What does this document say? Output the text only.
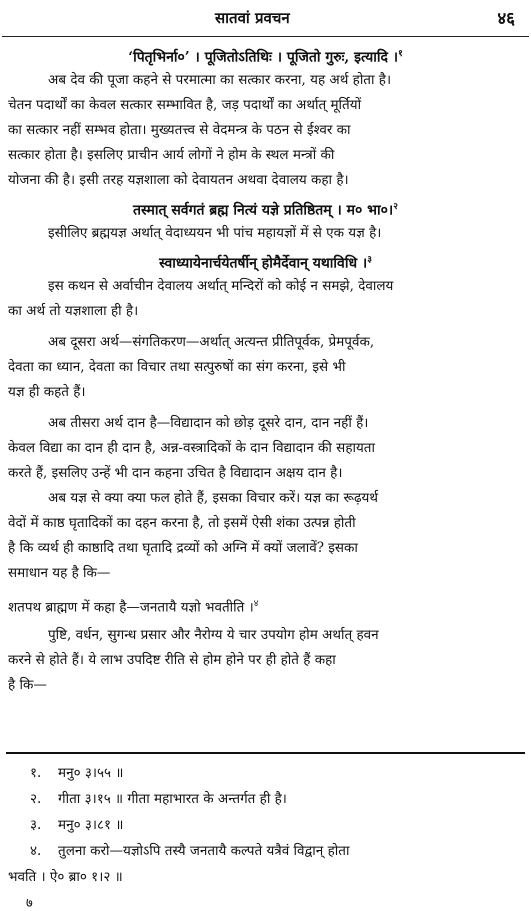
सातवां प्रवचन	४६
‘पितृभिर्ना०’ । पूजितोऽतिथिः । पूजितो गुरुः, इत्यादि ।$^१$
अब देव की पूजा कहने से परमात्मा का सत्कार करना, यह अर्थ होता है।
चेतन पदार्थों का केवल सत्कार सम्भावित है, जड़ पदार्थों का अर्थात् मूर्तियों
का सत्कार नहीं सम्भव होता। मुख्यतत्त्व से वेदमन्त्र के पठन से ईश्वर का
सत्कार होता है। इसलिए प्राचीन आर्य लोगों ने होम के स्थल मन्त्रों की
योजना की है। इसी तरह यज्ञशाला को देवायतन अथवा देवालय कहा है।
तस्मात् सर्वगतं ब्रह्म नित्यं यज्ञे प्रतिष्ठितम् । म० भा०।$^२$
इसीलिए ब्रह्मयज्ञ अर्थात् वेदाध्ययन भी पांच महायज्ञों में से एक यज्ञ है।
स्वाध्यायेनार्चयेतर्षीन् होमैर्देवान् यथाविधि ।$^३$
इस कथन से अर्वाचीन देवालय अर्थात् मन्दिरों को कोई न समझे, देवालय
का अर्थ तो यज्ञशाला ही है।
अब दूसरा अर्थ—संगतिकरण—अर्थात् अत्यन्त प्रीतिपूर्वक, प्रेमपूर्वक,
देवता का ध्यान, देवता का विचार तथा सत्पुरुषों का संग करना, इसे भी
यज्ञ ही कहते हैं।
अब तीसरा अर्थ दान है—विद्यादान को छोड़ दूसरे दान, दान नहीं हैं।
केवल विद्या का दान ही दान है, अन्न-वस्त्रादिकों के दान विद्यादान की सहायता
करते हैं, इसलिए उन्हें भी दान कहना उचित है विद्यादान अक्षय दान है।
अब यज्ञ से क्या क्या फल होते हैं, इसका विचार करें। यज्ञ का रूढ़यर्थ
वेदों में काष्ठ घृतादिकों का दहन करना है, तो इसमें ऐसी शंका उत्पन्न होती
है कि व्यर्थ ही काष्ठादि तथा घृतादि द्रव्यों को अग्नि में क्यों जलावें? इसका
समाधान यह है कि—
शतपथ ब्राह्मण में कहा है—जनतायै यज्ञो भवतीति ।$^४$
पुष्टि, वर्धन, सुगन्ध प्रसार और नैरोग्य ये चार उपयोग होम अर्थात् हवन
करने से होते हैं। ये लाभ उपदिष्ट रीति से होम होने पर ही होते हैं कहा
है कि—
१. मनु० ३।५५ ॥
२. गीता ३।१५ ॥ गीता महाभारत के अन्तर्गत ही है।
३. मनु० ३।८१ ॥
४. तुलना करो—यज्ञोऽपि तस्यै जनतायै कल्पते यत्रैवं विद्वान् होता
भवति । ऐ० ब्रा० १।२ ॥
७
